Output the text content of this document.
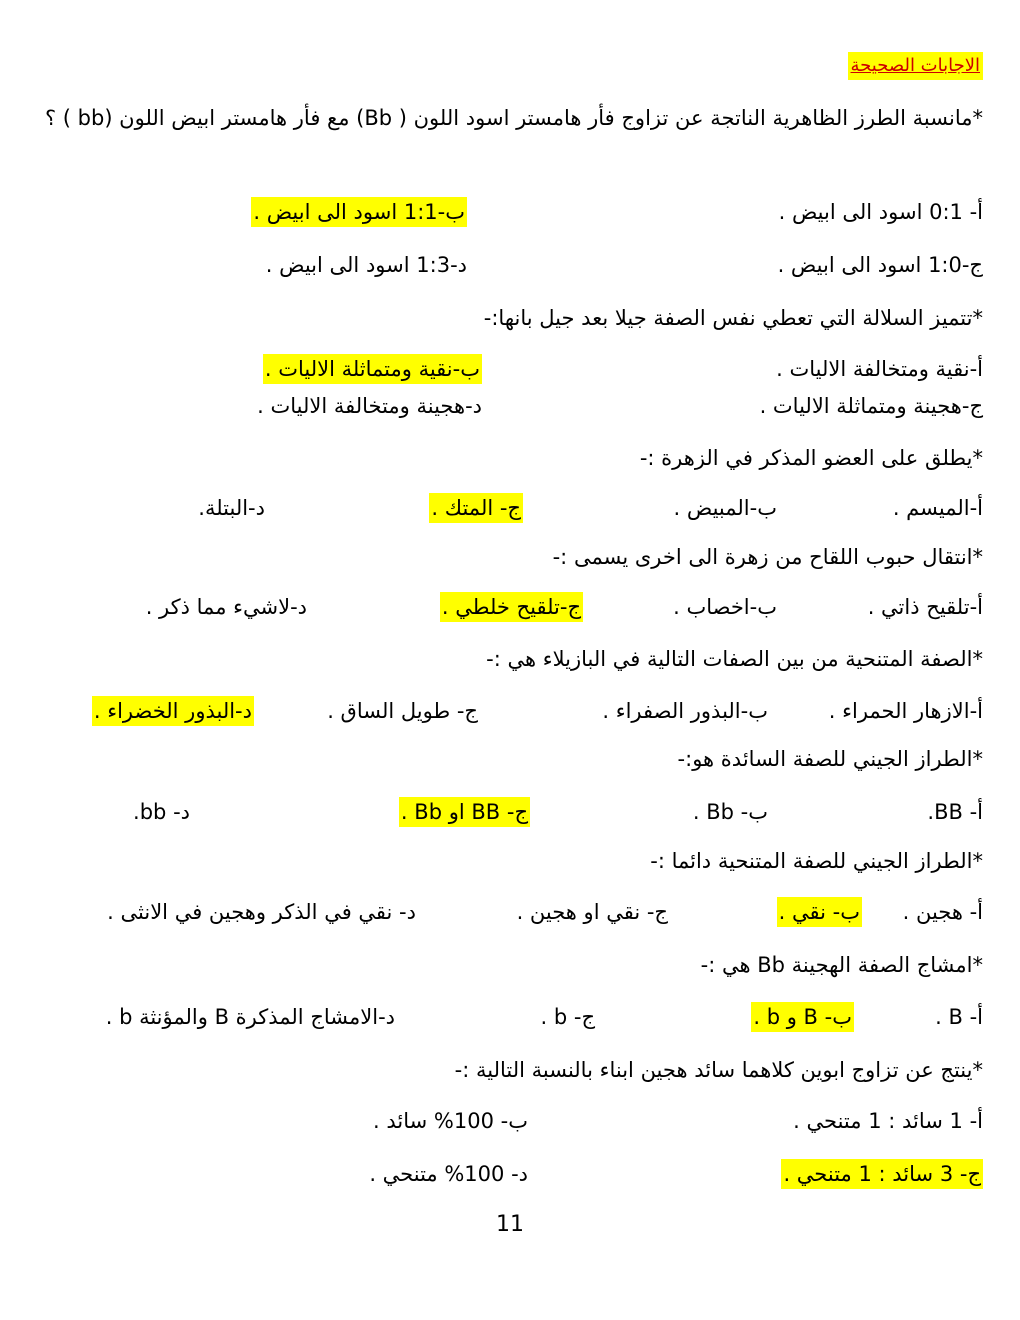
الاجابات الصحيحة
*مانسبة الطرز الظاهرية الناتجة عن تزاوج فأر هامستر اسود اللون ( Bb) مع فأر هامستر ابيض اللون (bb ) ؟
أ- 0:1 اسود الى ابيض .
ب-1:1 اسود الى ابيض .
ج-1:0 اسود الى ابيض .
د-1:3 اسود الى ابيض .
*تتميز السلالة التي تعطي نفس الصفة جيلا بعد جيل بانها:-
أ-نقية ومتخالفة الاليات .
ب-نقية ومتماثلة الاليات .
ج-هجينة ومتماثلة الاليات .
د-هجينة ومتخالفة الاليات .
*يطلق على العضو المذكر في الزهرة :-
أ-الميسم .
ب-المبيض .
ج- المتك .
د-البتلة.
*انتقال حبوب اللقاح من زهرة الى اخرى يسمى :-
أ-تلقيح ذاتي .
ب-اخصاب .
ج-تلقيح خلطي .
د-لاشيء مما ذكر .
*الصفة المتنحية من بين الصفات التالية في البازيلاء هي :-
أ-الازهار الحمراء .
ب-البذور الصفراء .
ج- طويل الساق .
د-البذور الخضراء .
*الطراز الجيني للصفة السائدة هو:-
أ- BB.
ب- Bb .
ج- BB او Bb .
د- bb.
*الطراز الجيني للصفة المتنحية دائما :-
أ- هجين .
ب- نقي .
ج- نقي او هجين .
د- نقي في الذكر وهجين في الانثى .
*امشاج الصفة الهجينة Bb هي :-
أ- B .
ب- B و b .
ج- b .
د-الامشاج المذكرة B والمؤنثة b .
*ينتج عن تزاوج ابوين كلاهما سائد هجين ابناء بالنسبة التالية :-
أ- 1 سائد : 1 متنحي .
ب- 100% سائد .
ج- 3 سائد : 1 متنحي .
د- 100% متنحي .
11
